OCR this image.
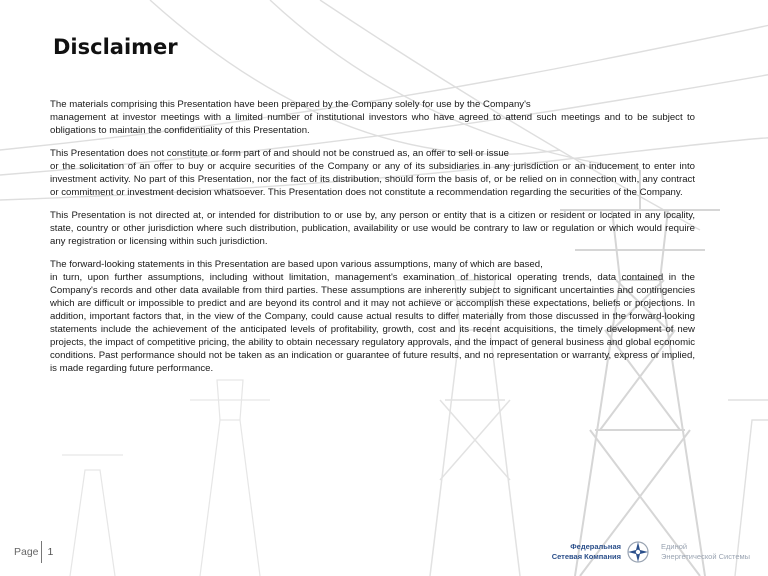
Disclaimer

The materials comprising this Presentation have been prepared by the Company solely for use by the Company's
management at investor meetings with a limited number of institutional investors who have agreed to attend such meetings and to be subject to obligations to maintain the confidentiality of this Presentation.

This Presentation does not constitute or form part of and should not be construed as, an offer to sell or issue
or the solicitation of an offer to buy or acquire securities of the Company or any of its subsidiaries in any jurisdiction or an inducement to enter into investment activity. No part of this Presentation, nor the fact of its distribution, should form the basis of, or be relied on in connection with, any contract or commitment or investment decision whatsoever. This Presentation does not constitute a recommendation regarding the securities of the Company.

This Presentation is not directed at, or intended for distribution to or use by, any person or entity that is a citizen or resident or located in any locality, state, country or other jurisdiction where such distribution, publication, availability or use would be contrary to law or regulation or which would require any registration or licensing within such jurisdiction.

The forward-looking statements in this Presentation are based upon various assumptions, many of which are based,
in turn, upon further assumptions, including without limitation, management's examination of historical operating trends, data contained in the Company's records and other data available from third parties. These assumptions are inherently subject to significant uncertainties and contingencies which are difficult or impossible to predict and are beyond its control and it may not achieve or accomplish these expectations, beliefs or projections. In addition, important factors that, in the view of the Company, could cause actual results to differ materially from those discussed in the forward-looking statements include the achievement of the anticipated levels of profitability, growth, cost and its recent acquisitions, the timely development of new projects, the impact of competitive pricing, the ability to obtain necessary regulatory approvals, and the impact of general business and global economic conditions. Past performance should not be taken as an indication or guarantee of future results, and no representation or warranty, express or implied, is made regarding future performance.

Page 1	Федеральная
Сетевая Компания
Единой
Энергетической Системы
